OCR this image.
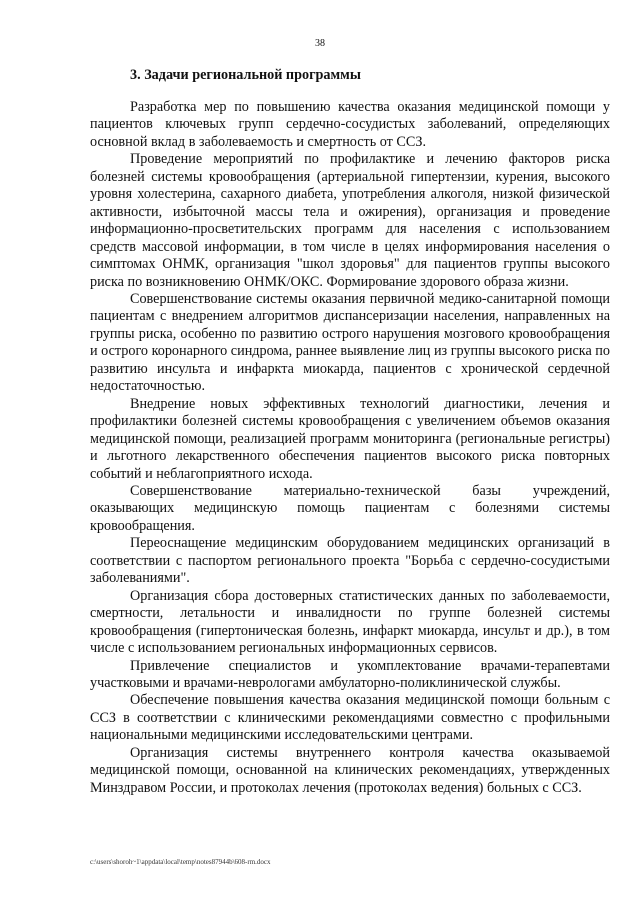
38
3. Задачи региональной программы

Разработка мер по повышению качества оказания медицинской помощи у пациентов ключевых групп сердечно-сосудистых заболеваний, определяющих основной вклад в заболеваемость и смертность от ССЗ.

Проведение мероприятий по профилактике и лечению факторов риска болезней системы кровообращения (артериальной гипертензии, курения, высокого уровня холестерина, сахарного диабета, употребления алкоголя, низкой физической активности, избыточной массы тела и ожирения), организация и проведение информационно-просветительских программ для населения с использованием средств массовой информации, в том числе в целях информирования населения о симптомах ОНМК, организация "школ здоровья" для пациентов группы высокого риска по возникновению ОНМК/ОКС. Формирование здорового образа жизни.

Совершенствование системы оказания первичной медико-санитарной помощи пациентам с внедрением алгоритмов диспансеризации населения, направленных на группы риска, особенно по развитию острого нарушения мозгового кровообращения и острого коронарного синдрома, раннее выявление лиц из группы высокого риска по развитию инсульта и инфаркта миокарда, пациентов с хронической сердечной недостаточностью.

Внедрение новых эффективных технологий диагностики, лечения и профилактики болезней системы кровообращения с увеличением объемов оказания медицинской помощи, реализацией программ мониторинга (региональные регистры) и льготного лекарственного обеспечения пациентов высокого риска повторных событий и неблагоприятного исхода.

Совершенствование материально-технической базы учреждений, оказывающих медицинскую помощь пациентам с болезнями системы кровообращения.

Переоснащение медицинским оборудованием медицинских организаций в соответствии с паспортом регионального проекта "Борьба с сердечно-сосудистыми заболеваниями".

Организация сбора достоверных статистических данных по заболеваемости, смертности, летальности и инвалидности по группе болезней системы кровообращения (гипертоническая болезнь, инфаркт миокарда, инсульт и др.), в том числе с использованием региональных информационных сервисов.

Привлечение специалистов и укомплектование врачами-терапевтами участковыми и врачами-неврологами амбулаторно-поликлинической службы.

Обеспечение повышения качества оказания медицинской помощи больным с ССЗ в соответствии с клиническими рекомендациями совместно с профильными национальными медицинскими исследовательскими центрами.

Организация системы внутреннего контроля качества оказываемой медицинской помощи, основанной на клинических рекомендациях, утвержденных Минздравом России, и протоколах лечения (протоколах ведения) больных с ССЗ.

c:\users\shoroh~1\appdata\local\temp\notes87944b\608-rm.docx
